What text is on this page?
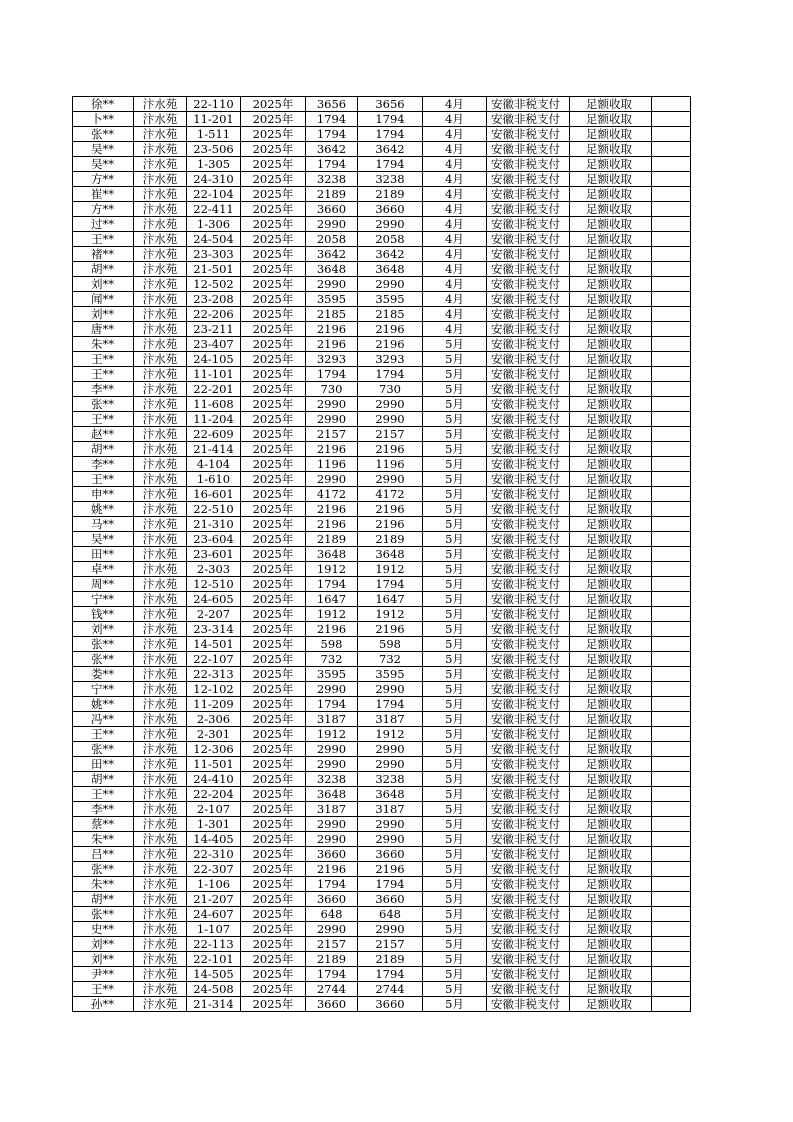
徐**	汴水苑	22-110	2025年	3656	3656	4月	安徽非税支付	足额收取	
卜**	汴水苑	11-201	2025年	1794	1794	4月	安徽非税支付	足额收取	
张**	汴水苑	1-511	2025年	1794	1794	4月	安徽非税支付	足额收取	
吴**	汴水苑	23-506	2025年	3642	3642	4月	安徽非税支付	足额收取	
吴**	汴水苑	1-305	2025年	1794	1794	4月	安徽非税支付	足额收取	
方**	汴水苑	24-310	2025年	3238	3238	4月	安徽非税支付	足额收取	
崔**	汴水苑	22-104	2025年	2189	2189	4月	安徽非税支付	足额收取	
方**	汴水苑	22-411	2025年	3660	3660	4月	安徽非税支付	足额收取	
过**	汴水苑	1-306	2025年	2990	2990	4月	安徽非税支付	足额收取	
王**	汴水苑	24-504	2025年	2058	2058	4月	安徽非税支付	足额收取	
褚**	汴水苑	23-303	2025年	3642	3642	4月	安徽非税支付	足额收取	
胡**	汴水苑	21-501	2025年	3648	3648	4月	安徽非税支付	足额收取	
刘**	汴水苑	12-502	2025年	2990	2990	4月	安徽非税支付	足额收取	
闻**	汴水苑	23-208	2025年	3595	3595	4月	安徽非税支付	足额收取	
刘**	汴水苑	22-206	2025年	2185	2185	4月	安徽非税支付	足额收取	
唐**	汴水苑	23-211	2025年	2196	2196	4月	安徽非税支付	足额收取	
朱**	汴水苑	23-407	2025年	2196	2196	5月	安徽非税支付	足额收取	
王**	汴水苑	24-105	2025年	3293	3293	5月	安徽非税支付	足额收取	
王**	汴水苑	11-101	2025年	1794	1794	5月	安徽非税支付	足额收取	
李**	汴水苑	22-201	2025年	730	730	5月	安徽非税支付	足额收取	
张**	汴水苑	11-608	2025年	2990	2990	5月	安徽非税支付	足额收取	
王**	汴水苑	11-204	2025年	2990	2990	5月	安徽非税支付	足额收取	
赵**	汴水苑	22-609	2025年	2157	2157	5月	安徽非税支付	足额收取	
胡**	汴水苑	21-414	2025年	2196	2196	5月	安徽非税支付	足额收取	
李**	汴水苑	4-104	2025年	1196	1196	5月	安徽非税支付	足额收取	
王**	汴水苑	1-610	2025年	2990	2990	5月	安徽非税支付	足额收取	
申**	汴水苑	16-601	2025年	4172	4172	5月	安徽非税支付	足额收取	
姚**	汴水苑	22-510	2025年	2196	2196	5月	安徽非税支付	足额收取	
马**	汴水苑	21-310	2025年	2196	2196	5月	安徽非税支付	足额收取	
吴**	汴水苑	23-604	2025年	2189	2189	5月	安徽非税支付	足额收取	
田**	汴水苑	23-601	2025年	3648	3648	5月	安徽非税支付	足额收取	
卓**	汴水苑	2-303	2025年	1912	1912	5月	安徽非税支付	足额收取	
周**	汴水苑	12-510	2025年	1794	1794	5月	安徽非税支付	足额收取	
宁**	汴水苑	24-605	2025年	1647	1647	5月	安徽非税支付	足额收取	
钱**	汴水苑	2-207	2025年	1912	1912	5月	安徽非税支付	足额收取	
刘**	汴水苑	23-314	2025年	2196	2196	5月	安徽非税支付	足额收取	
张**	汴水苑	14-501	2025年	598	598	5月	安徽非税支付	足额收取	
张**	汴水苑	22-107	2025年	732	732	5月	安徽非税支付	足额收取	
娄**	汴水苑	22-313	2025年	3595	3595	5月	安徽非税支付	足额收取	
宁**	汴水苑	12-102	2025年	2990	2990	5月	安徽非税支付	足额收取	
姚**	汴水苑	11-209	2025年	1794	1794	5月	安徽非税支付	足额收取	
冯**	汴水苑	2-306	2025年	3187	3187	5月	安徽非税支付	足额收取	
王**	汴水苑	2-301	2025年	1912	1912	5月	安徽非税支付	足额收取	
张**	汴水苑	12-306	2025年	2990	2990	5月	安徽非税支付	足额收取	
田**	汴水苑	11-501	2025年	2990	2990	5月	安徽非税支付	足额收取	
胡**	汴水苑	24-410	2025年	3238	3238	5月	安徽非税支付	足额收取	
王**	汴水苑	22-204	2025年	3648	3648	5月	安徽非税支付	足额收取	
李**	汴水苑	2-107	2025年	3187	3187	5月	安徽非税支付	足额收取	
蔡**	汴水苑	1-301	2025年	2990	2990	5月	安徽非税支付	足额收取	
朱**	汴水苑	14-405	2025年	2990	2990	5月	安徽非税支付	足额收取	
吕**	汴水苑	22-310	2025年	3660	3660	5月	安徽非税支付	足额收取	
张**	汴水苑	22-307	2025年	2196	2196	5月	安徽非税支付	足额收取	
朱**	汴水苑	1-106	2025年	1794	1794	5月	安徽非税支付	足额收取	
胡**	汴水苑	21-207	2025年	3660	3660	5月	安徽非税支付	足额收取	
张**	汴水苑	24-607	2025年	648	648	5月	安徽非税支付	足额收取	
史**	汴水苑	1-107	2025年	2990	2990	5月	安徽非税支付	足额收取	
刘**	汴水苑	22-113	2025年	2157	2157	5月	安徽非税支付	足额收取	
刘**	汴水苑	22-101	2025年	2189	2189	5月	安徽非税支付	足额收取	
尹**	汴水苑	14-505	2025年	1794	1794	5月	安徽非税支付	足额收取	
王**	汴水苑	24-508	2025年	2744	2744	5月	安徽非税支付	足额收取	
孙**	汴水苑	21-314	2025年	3660	3660	5月	安徽非税支付	足额收取	
